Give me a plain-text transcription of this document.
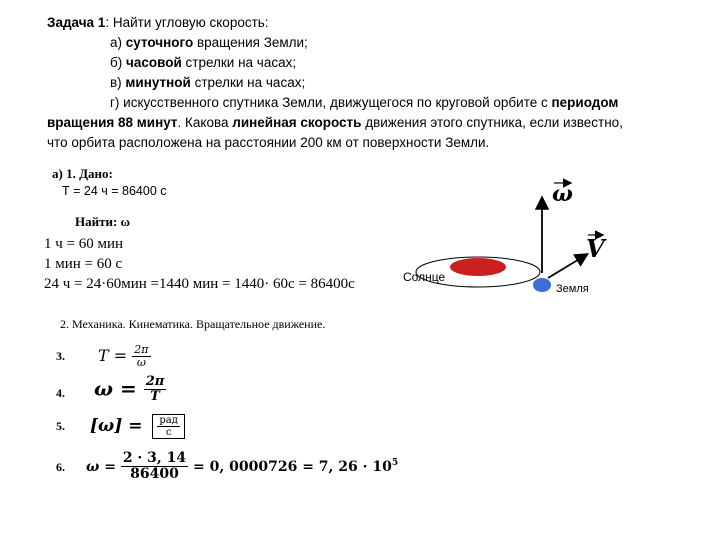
Задача 1: Найти угловую скорость:
а) суточного вращения Земли;
б) часовой стрелки на часах;
в) минутной стрелки на часах;
г) искусственного спутника Земли, движущегося по круговой орбите с периодом
вращения 88 минут. Какова линейная скорость движения этого спутника, если известно,
что орбита расположена на расстоянии 200 км от поверхности Земли.
а) 1. Дано:
Т = 24 ч = 86400 с
Найти: ω
1 ч = 60 мин
1 мин = 60 с
24 ч = 24·60мин =1440 мин = 1440· 60с = 86400с
2. Механика. Кинематика. Вращательное движение.
3.
4.
5.
6.
$T = \frac{2\pi}{\omega}$
$\omega = \frac{2\pi}{T}$
$[\omega] = \frac{\text{рад}}{с}$
$\omega = \frac{2 \cdot 3, 14}{86400} = 0$, 0000726 = 7, $26 \cdot 10^5$
ω
V
Солнце
Земля
